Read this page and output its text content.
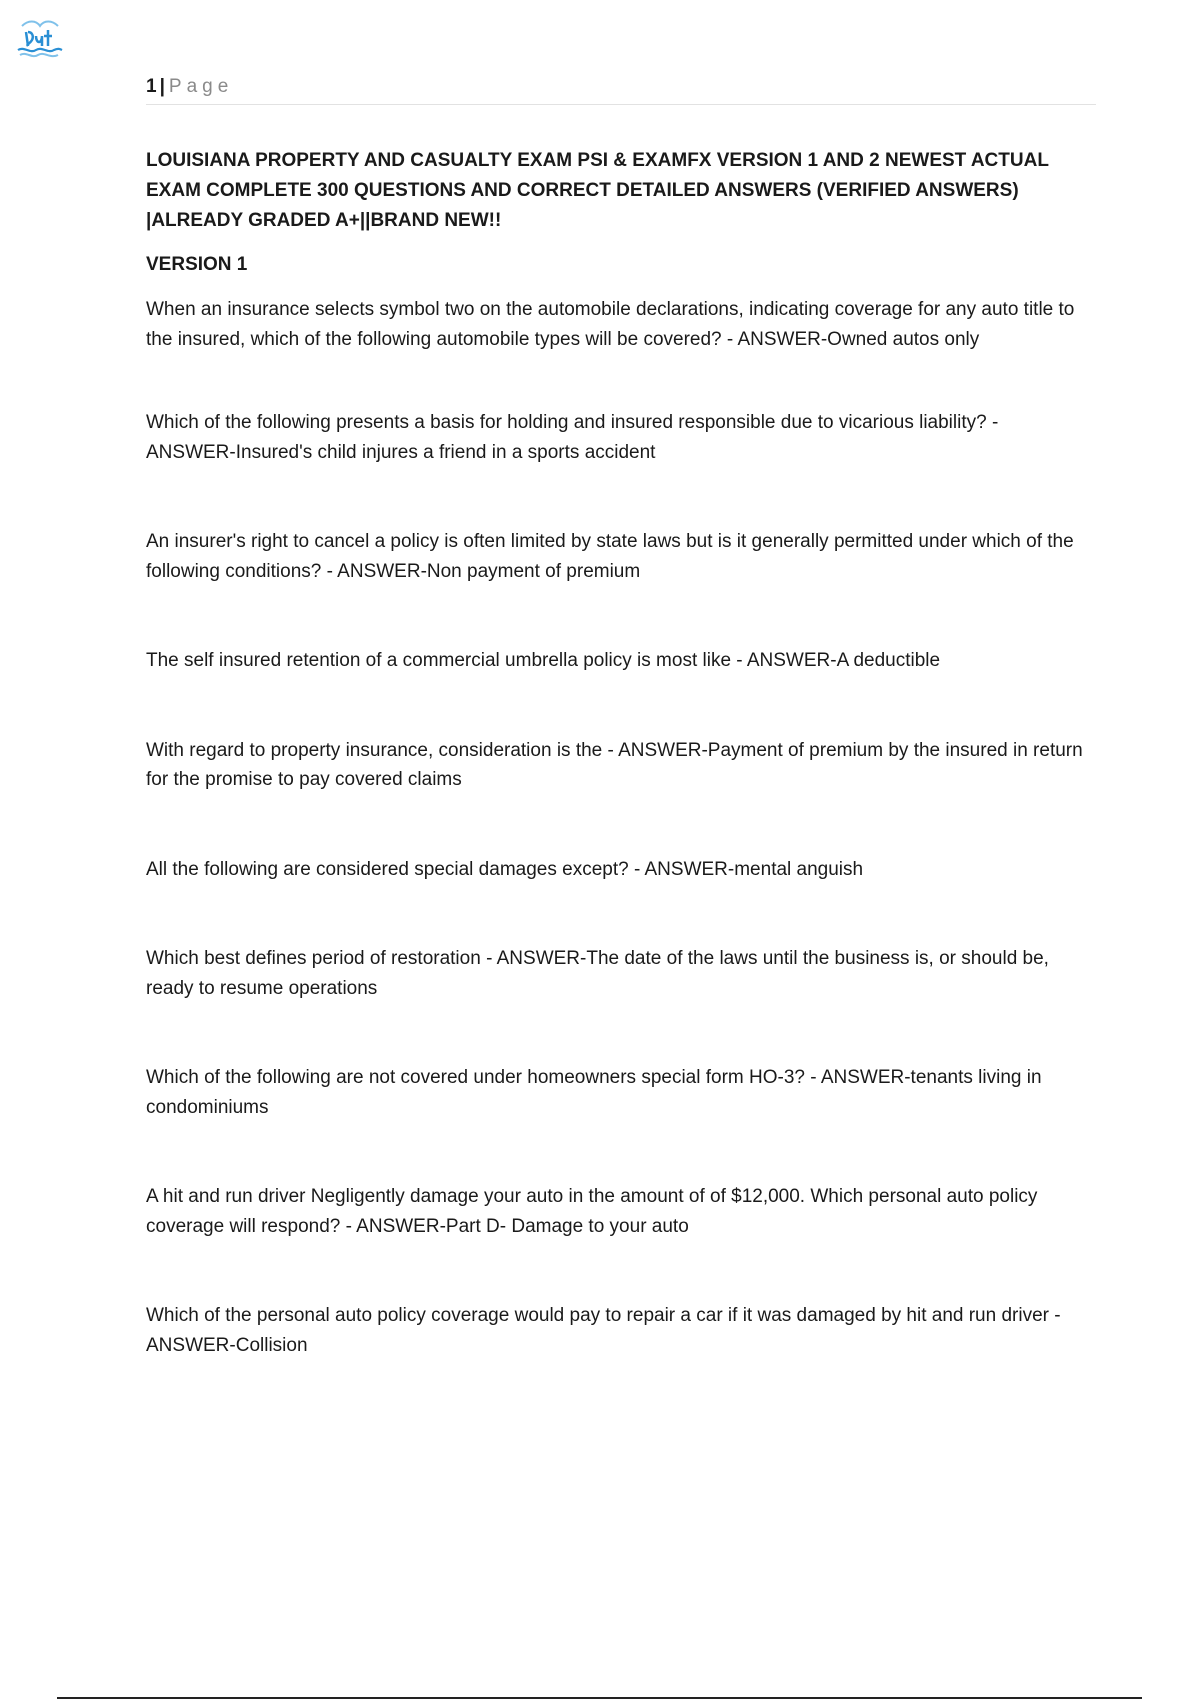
1 | Page

LOUISIANA PROPERTY AND CASUALTY EXAM PSI & EXAMFX VERSION 1 AND 2 NEWEST ACTUAL EXAM COMPLETE 300 QUESTIONS AND CORRECT DETAILED ANSWERS (VERIFIED ANSWERS) |ALREADY GRADED A+||BRAND NEW!!

VERSION 1

When an insurance selects symbol two on the automobile declarations, indicating coverage for any auto title to the insured, which of the following automobile types will be covered? - ANSWER-Owned autos only

Which of the following presents a basis for holding and insured responsible due to vicarious liability? - ANSWER-Insured's child injures a friend in a sports accident

An insurer's right to cancel a policy is often limited by state laws but is it generally permitted under which of the following conditions? - ANSWER-Non payment of premium

The self insured retention of a commercial umbrella policy is most like - ANSWER-A deductible

With regard to property insurance, consideration is the - ANSWER-Payment of premium by the insured in return for the promise to pay covered claims

All the following are considered special damages except? - ANSWER-mental anguish

Which best defines period of restoration - ANSWER-The date of the laws until the business is, or should be, ready to resume operations

Which of the following are not covered under homeowners special form HO-3? - ANSWER-tenants living in condominiums

A hit and run driver Negligently damage your auto in the amount of of $12,000. Which personal auto policy coverage will respond? - ANSWER-Part D- Damage to your auto

Which of the personal auto policy coverage would pay to repair a car if it was damaged by hit and run driver - ANSWER-Collision
